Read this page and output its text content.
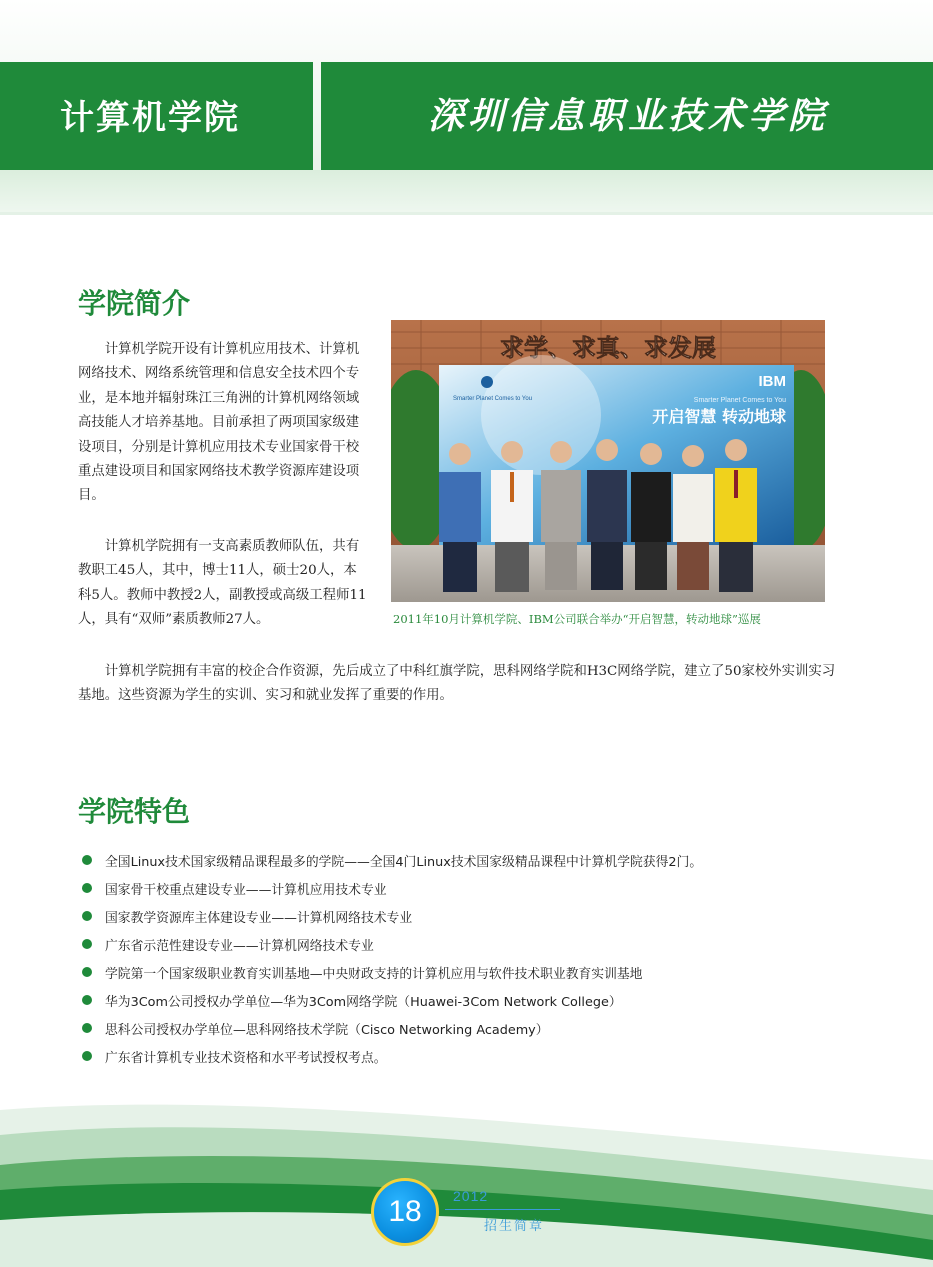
计算机学院	深圳信息职业技术学院
学院简介

计算机学院开设有计算机应用技术、计算机网络技术、网络系统管理和信息安全技术四个专业，是本地并辐射珠江三角洲的计算机网络领域高技能人才培养基地。目前承担了两项国家级建设项目，分别是计算机应用技术专业国家骨干校重点建设项目和国家网络技术教学资源库建设项目。

计算机学院拥有一支高素质教师队伍，共有教职工45人，其中，博士11人，硕士20人，本科5人。教师中教授2人，副教授或高级工程师11人，具有“双师”素质教师27人。

计算机学院拥有丰富的校企合作资源，先后成立了中科红旗学院，思科网络学院和H3C网络学院，建立了50家校外实训实习基地。这些资源为学生的实训、实习和就业发挥了重要的作用。

求学、求真、求发展
IBM
Smarter Planet Comes to You	Smarter Planet Comes to You
开启智慧 转动地球

2011年10月计算机学院、IBM公司联合举办“开启智慧，转动地球”巡展

学院特色
全国Linux技术国家级精品课程最多的学院——全国4门Linux技术国家级精品课程中计算机学院获得2门。
国家骨干校重点建设专业——计算机应用技术专业
国家教学资源库主体建设专业——计算机网络技术专业
广东省示范性建设专业——计算机网络技术专业
学院第一个国家级职业教育实训基地—中央财政支持的计算机应用与软件技术职业教育实训基地
华为3Com公司授权办学单位—华为3Com网络学院（Huawei-3Com Network College）
思科公司授权办学单位—思科网络技术学院（Cisco Networking Academy）
广东省计算机专业技术资格和水平考试授权考点。
18 2012
招生简章
